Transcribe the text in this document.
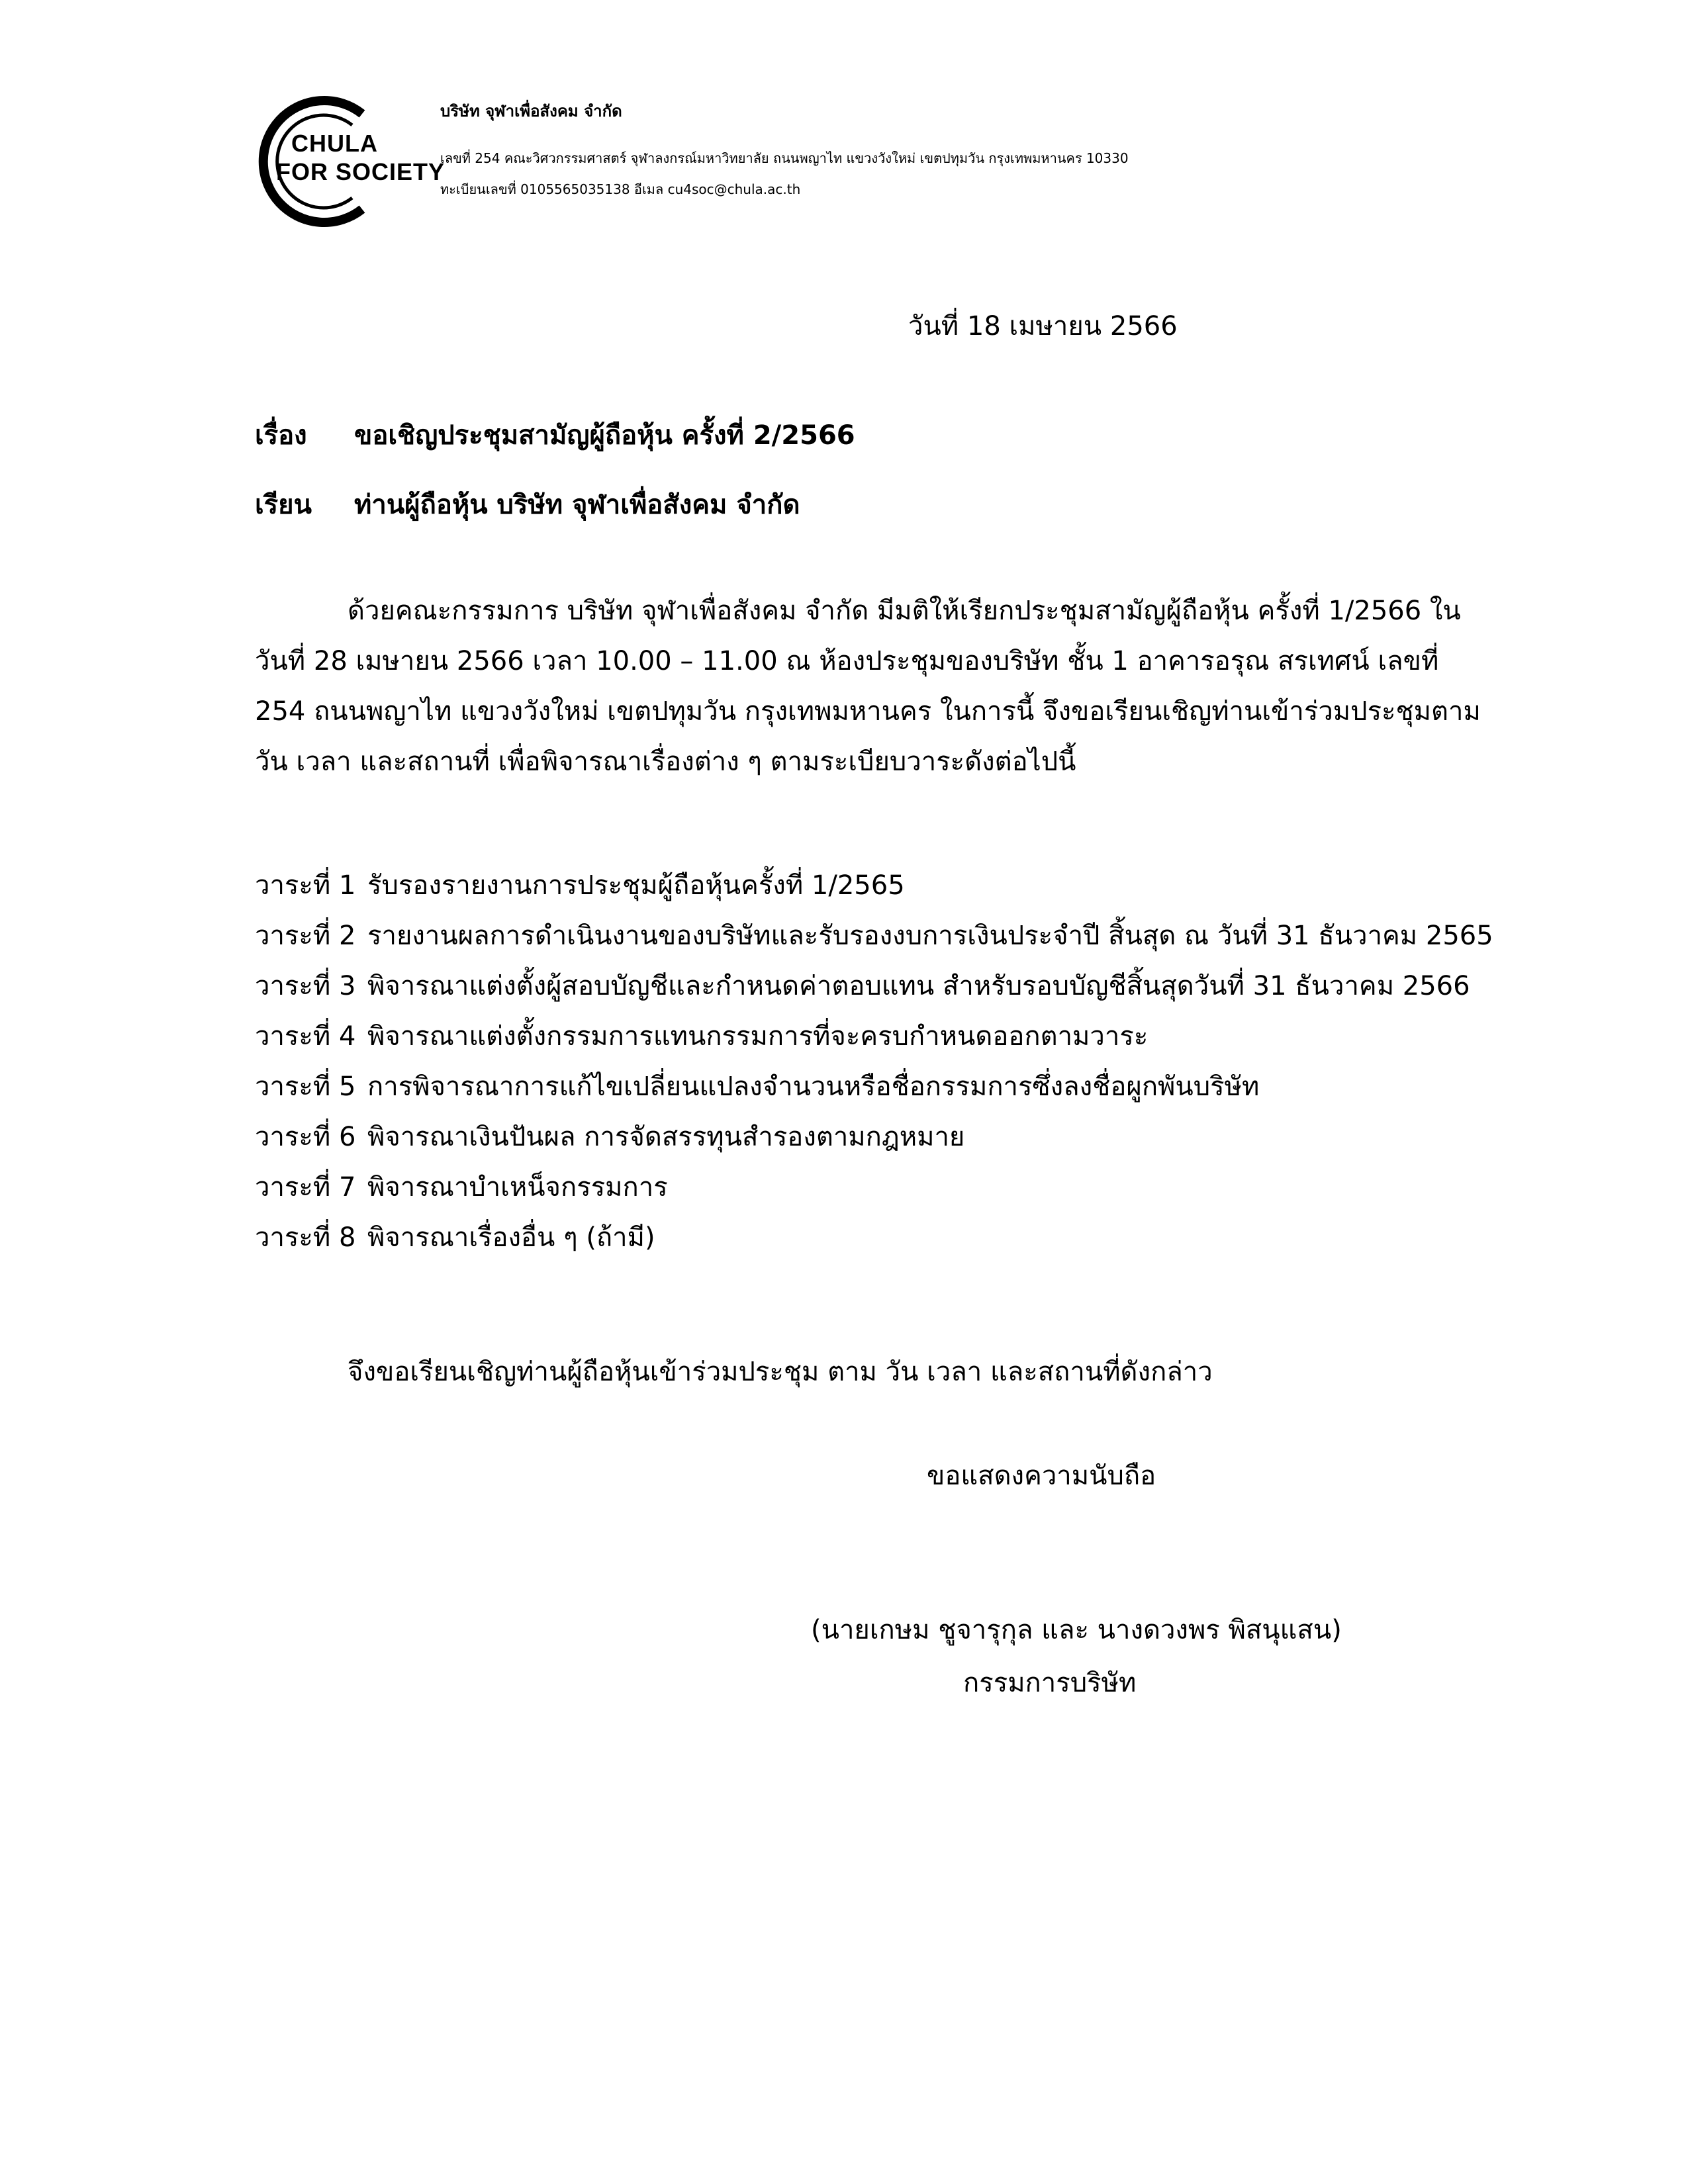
CHULA
FOR SOCIETY
บริษัท จุฬาเพื่อสังคม จำกัด
เลขที่ 254 คณะวิศวกรรมศาสตร์ จุฬาลงกรณ์มหาวิทยาลัย ถนนพญาไท แขวงวังใหม่ เขตปทุมวัน กรุงเทพมหานคร 10330
ทะเบียนเลขที่ 0105565035138 อีเมล cu4soc@chula.ac.th
วันที่ 18 เมษายน 2566
เรื่อง ขอเชิญประชุมสามัญผู้ถือหุ้น ครั้งที่ 2/2566
เรียน ท่านผู้ถือหุ้น บริษัท จุฬาเพื่อสังคม จำกัด
ด้วยคณะกรรมการ บริษัท จุฬาเพื่อสังคม จำกัด มีมติให้เรียกประชุมสามัญผู้ถือหุ้น ครั้งที่ 1/2566 ใน
วันที่ 28 เมษายน 2566 เวลา 10.00 – 11.00 ณ ห้องประชุมของบริษัท ชั้น 1 อาคารอรุณ สรเทศน์ เลขที่
254 ถนนพญาไท แขวงวังใหม่ เขตปทุมวัน กรุงเทพมหานคร ในการนี้ จึงขอเรียนเชิญท่านเข้าร่วมประชุมตาม
วัน เวลา และสถานที่ เพื่อพิจารณาเรื่องต่าง ๆ ตามระเบียบวาระดังต่อไปนี้
วาระที่ 1 รับรองรายงานการประชุมผู้ถือหุ้นครั้งที่ 1/2565
วาระที่ 2 รายงานผลการดำเนินงานของบริษัทและรับรองงบการเงินประจำปี สิ้นสุด ณ วันที่ 31 ธันวาคม 2565
วาระที่ 3 พิจารณาแต่งตั้งผู้สอบบัญชีและกำหนดค่าตอบแทน สำหรับรอบบัญชีสิ้นสุดวันที่ 31 ธันวาคม 2566
วาระที่ 4 พิจารณาแต่งตั้งกรรมการแทนกรรมการที่จะครบกำหนดออกตามวาระ
วาระที่ 5 การพิจารณาการแก้ไขเปลี่ยนแปลงจำนวนหรือชื่อกรรมการซึ่งลงชื่อผูกพันบริษัท
วาระที่ 6 พิจารณาเงินปันผล การจัดสรรทุนสำรองตามกฎหมาย
วาระที่ 7 พิจารณาบำเหน็จกรรมการ
วาระที่ 8 พิจารณาเรื่องอื่น ๆ (ถ้ามี)
จึงขอเรียนเชิญท่านผู้ถือหุ้นเข้าร่วมประชุม ตาม วัน เวลา และสถานที่ดังกล่าว
ขอแสดงความนับถือ
(นายเกษม ชูจารุกุล และ นางดวงพร พิสนุแสน)
กรรมการบริษัท
